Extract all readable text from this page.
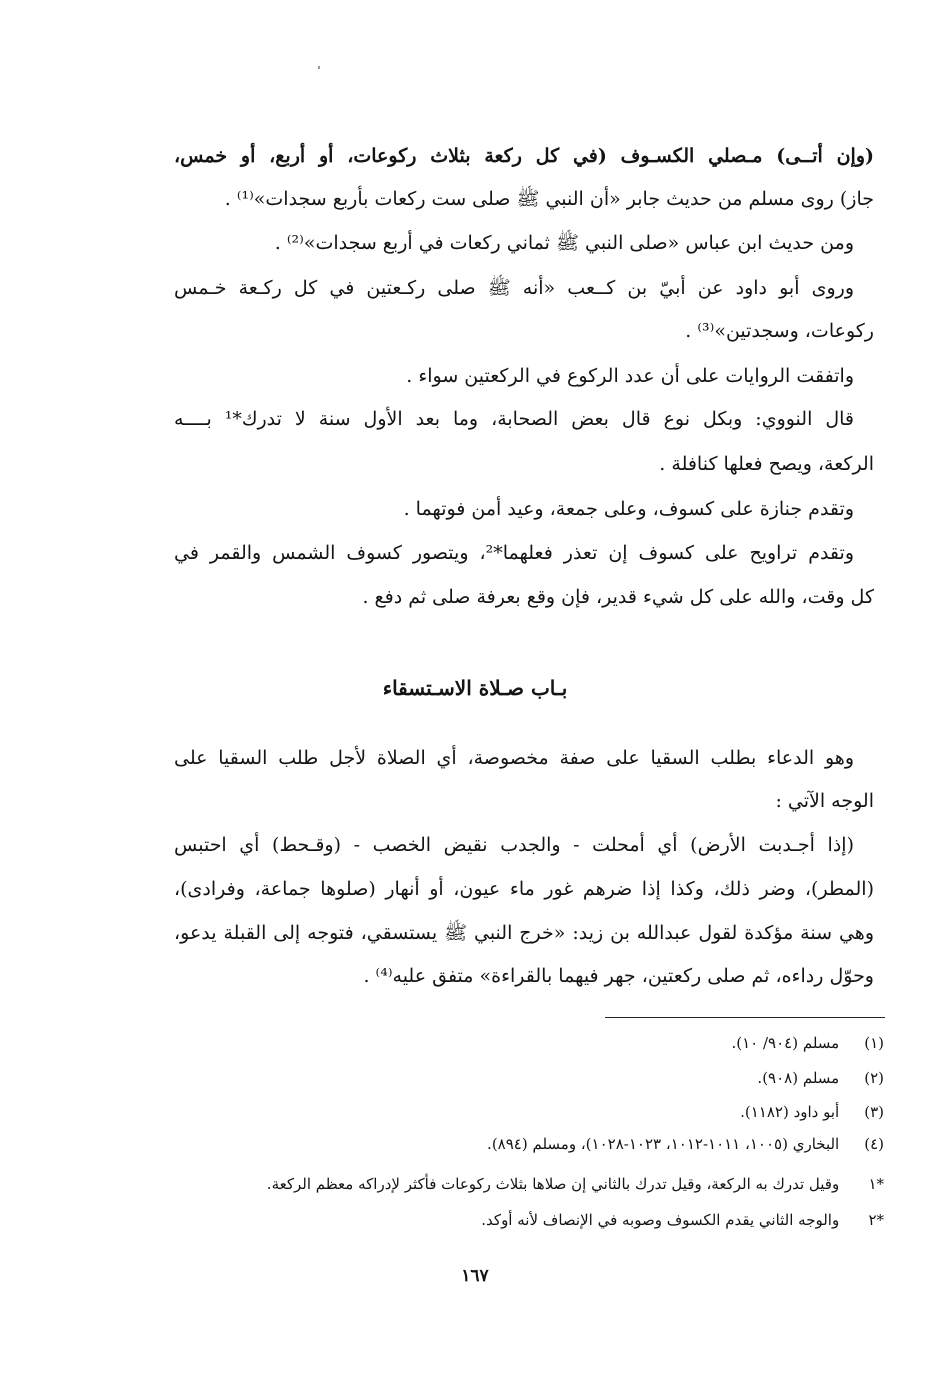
(وإن أتــى) مـصلي الكسـوف (في كل ركعة بثلاث ركوعات، أو أربع، أو خمس،
جاز) روى مسلم من حديث جابر «أن النبي ﷺ صلى ست ركعات بأربع سجدات»⁽¹⁾ .
ومن حديث ابن عباس «صلى النبي ﷺ ثماني ركعات في أربع سجدات»⁽²⁾ .
وروى أبو داود عن أبيّ بن كــعب «أنه ﷺ صلى ركـعتين في كل ركـعة خـمس
ركوعات، وسجدتين»⁽³⁾ .
واتفقت الروايات على أن عدد الركوع في الركعتين سواء .
قال النووي: وبكل نوع قال بعض الصحابة، وما بعد الأول سنة لا تدرك*¹ بــــه
الركعة، ويصح فعلها كنافلة .
وتقدم جنازة على كسوف، وعلى جمعة، وعيد أمن فوتهما .
وتقدم تراويح على كسوف إن تعذر فعلهما*²، ويتصور كسوف الشمس والقمر في
كل وقت، والله على كل شيء قدير، فإن وقع بعرفة صلى ثم دفع .
بـاب صـلاة الاسـتسقاء
وهو الدعاء بطلب السقيا على صفة مخصوصة، أي الصلاة لأجل طلب السقيا على
الوجه الآتي :
(إذا أجـدبت الأرض) أي أمحلت - والجدب نقيض الخصب - (وقـحط) أي احتبس
(المطر)، وضر ذلك، وكذا إذا ضرهم غور ماء عيون، أو أنهار (صلوها جماعة، وفرادى)،
وهي سنة مؤكدة لقول عبدالله بن زيد: «خرج النبي ﷺ يستسقي، فتوجه إلى القبلة يدعو،
وحوّل رداءه، ثم صلى ركعتين، جهر فيهما بالقراءة» متفق عليه⁽⁴⁾ .
(١) مسلم (٩٠٤/ ١٠).
(٢) مسلم (٩٠٨).
(٣) أبو داود (١١٨٢).
(٤) البخاري (١٠٠٥، ١٠١١-١٠١٢، ١٠٢٣-١٠٢٨)، ومسلم (٨٩٤).
*١ وقيل تدرك به الركعة، وقيل تدرك بالثاني إن صلاها بثلاث ركوعات فأكثر لإدراكه معظم الركعة.
*٢ والوجه الثاني يقدم الكسوف وصوبه في الإنصاف لأنه أوكد.
١٦٧
